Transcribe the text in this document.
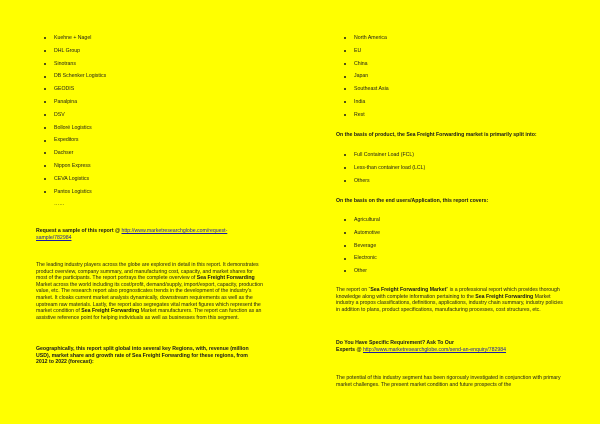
Kuehne + Nagel
DHL Group
Sinotrans
DB Schenker Logistics
GEODIS
Panalpina
DSV
Bolloré Logistics
Expeditors
Dachser
Nippon Express
CEVA Logistics
Pantos Logistics
……

Request a sample of this report @ http://www.marketresearchglobe.com/request-sample/782984

The leading industry players across the globe are explored in detail in this report. It demonstrates product overview, company summary, and manufacturing cost, capacity, and market shares for most of the participants. The report portrays the complete overview of Sea Freight Forwarding Market across the world including its cost/profit, demand/supply, import/export, capacity, production value, etc. The research report also prognosticates trends in the development of the industry's market. It cloaks current market analysis dynamically, downstream requirements as well as the upstream raw materials. Lastly, the report also segregates vital market figures which represent the market condition of Sea Freight Forwarding Market manufacturers. The report can function as an assistive reference point for helping individuals as well as businesses from this segment.

Geographically, this report split global into several key Regions, with, revenue (million USD), market share and growth rate of Sea Freight Forwarding for these regions, from 2012 to 2022 (forecast):

North America
EU
China
Japan
Southeast Asia
India
Rest

On the basis of product, the Sea Freight Forwarding market is primarily split into:

Full Container Load (FCL)
Less-than container load (LCL)
Others

On the basis on the end users/Application, this report covers:

Agricultural
Automotive
Beverage
Electronic
Other

The report on “Sea Freight Forwarding Market” is a professional report which provides thorough knowledge along with complete information pertaining to the Sea Freight Forwarding Market industry a propos classifications, definitions, applications, industry chain summary, industry policies in addition to plans, product specifications, manufacturing processes, cost structures, etc.

Do You Have Specific Requirement? Ask To Our
Experts @ http://www.marketresearchglobe.com/send-an-enquiry/782984

The potential of this industry segment has been rigorously investigated in conjunction with primary market challenges. The present market condition and future prospects of the
